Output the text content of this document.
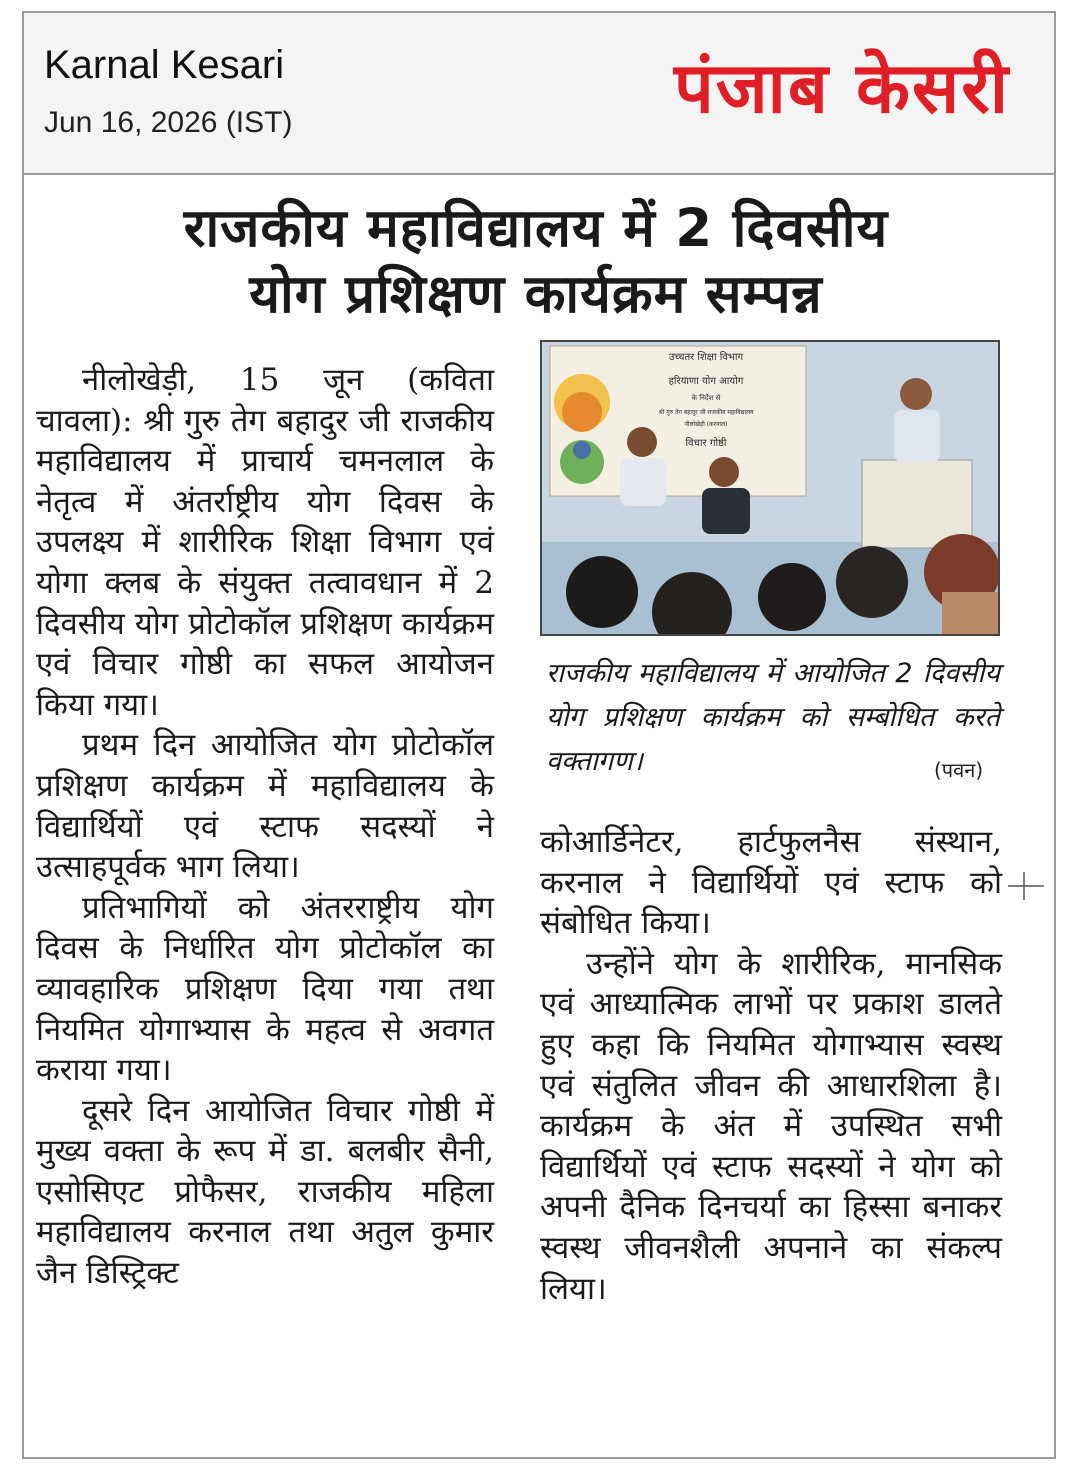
Karnal Kesari
Jun 16, 2026 (IST)	पंजाब केसरी
राजकीय महाविद्यालय में 2 दिवसीय
योग प्रशिक्षण कार्यक्रम सम्पन्न

नीलोखेड़ी, 15 जून (कविता चावला): श्री गुरु तेग बहादुर जी राजकीय महाविद्यालय में प्राचार्य चमनलाल के नेतृत्व में अंतर्राष्ट्रीय योग दिवस के उपलक्ष्य में शारीरिक शिक्षा विभाग एवं योगा क्लब के संयुक्त तत्वावधान में 2 दिवसीय योग प्रोटोकॉल प्रशिक्षण कार्यक्रम एवं विचार गोष्ठी का सफल आयोजन किया गया।

प्रथम दिन आयोजित योग प्रोटोकॉल प्रशिक्षण कार्यक्रम में महाविद्यालय के विद्यार्थियों एवं स्टाफ सदस्यों ने उत्साहपूर्वक भाग लिया।

प्रतिभागियों को अंतरराष्ट्रीय योग दिवस के निर्धारित योग प्रोटोकॉल का व्यावहारिक प्रशिक्षण दिया गया तथा नियमित योगाभ्यास के महत्व से अवगत कराया गया।

दूसरे दिन आयोजित विचार गोष्ठी में मुख्य वक्ता के रूप में डा. बलबीर सैनी, एसोसिएट प्रोफैसर, राजकीय महिला महाविद्यालय करनाल तथा अतुल कुमार जैन डिस्ट्रिक्ट

उच्चतर शिक्षा विभाग
हरियाणा योग आयोग
के निर्देश से
श्री गुरु तेग बहादुर जी राजकीय महाविद्यालय
नीलोखेड़ी (करनाल)
विचार गोष्ठी
राजकीय महाविद्यालय में आयोजित 2 दिवसीय योग प्रशिक्षण कार्यक्रम को सम्बोधित करते वक्तागण।	(पवन)

कोआर्डिनेटर, हार्टफुलनैस संस्थान, करनाल ने विद्यार्थियों एवं स्टाफ को संबोधित किया।

उन्होंने योग के शारीरिक, मानसिक एवं आध्यात्मिक लाभों पर प्रकाश डालते हुए कहा कि नियमित योगाभ्यास स्वस्थ एवं संतुलित जीवन की आधारशिला है। कार्यक्रम के अंत में उपस्थित सभी विद्यार्थियों एवं स्टाफ सदस्यों ने योग को अपनी दैनिक दिनचर्या का हिस्सा बनाकर स्वस्थ जीवनशैली अपनाने का संकल्प लिया।
